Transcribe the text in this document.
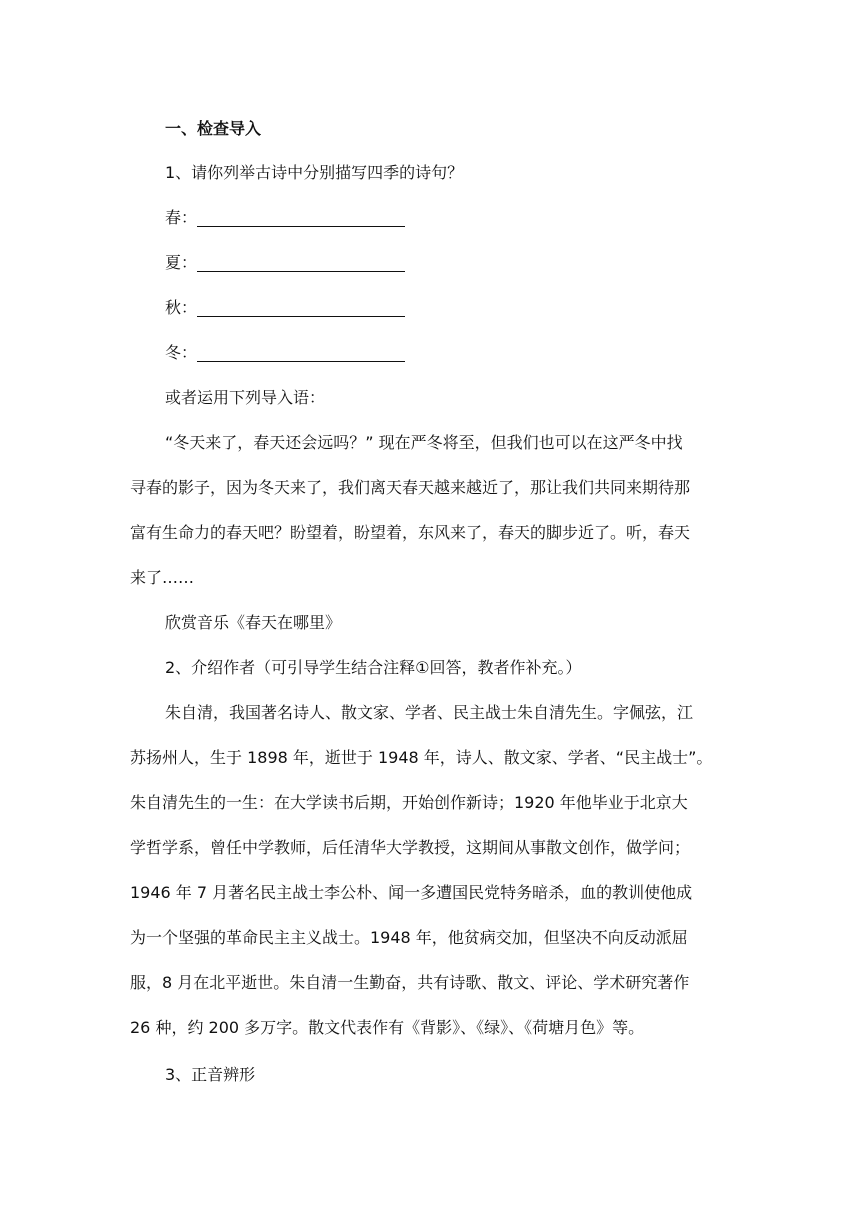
一、检查导入
1、请你列举古诗中分别描写四季的诗句？
春：
夏：
秋：
冬：
或者运用下列导入语：
“冬天来了，春天还会远吗？” 现在严冬将至，但我们也可以在这严冬中找
寻春的影子，因为冬天来了，我们离天春天越来越近了，那让我们共同来期待那
富有生命力的春天吧？盼望着，盼望着，东风来了，春天的脚步近了。听，春天
来了……
欣赏音乐《春天在哪里》
2、介绍作者（可引导学生结合注释①回答，教者作补充。）
朱自清，我国著名诗人、散文家、学者、民主战士朱自清先生。字佩弦，江
苏扬州人，生于 1898 年，逝世于 1948 年，诗人、散文家、学者、“民主战士”。
朱自清先生的一生：在大学读书后期，开始创作新诗；1920 年他毕业于北京大
学哲学系，曾任中学教师，后任清华大学教授，这期间从事散文创作，做学问；
1946 年 7 月著名民主战士李公朴、闻一多遭国民党特务暗杀，血的教训使他成
为一个坚强的革命民主主义战士。1948 年，他贫病交加，但坚决不向反动派屈
服，8 月在北平逝世。朱自清一生勤奋，共有诗歌、散文、评论、学术研究著作
26 种，约 200 多万字。散文代表作有《背影》、《绿》、《荷塘月色》等。
3、正音辨形
